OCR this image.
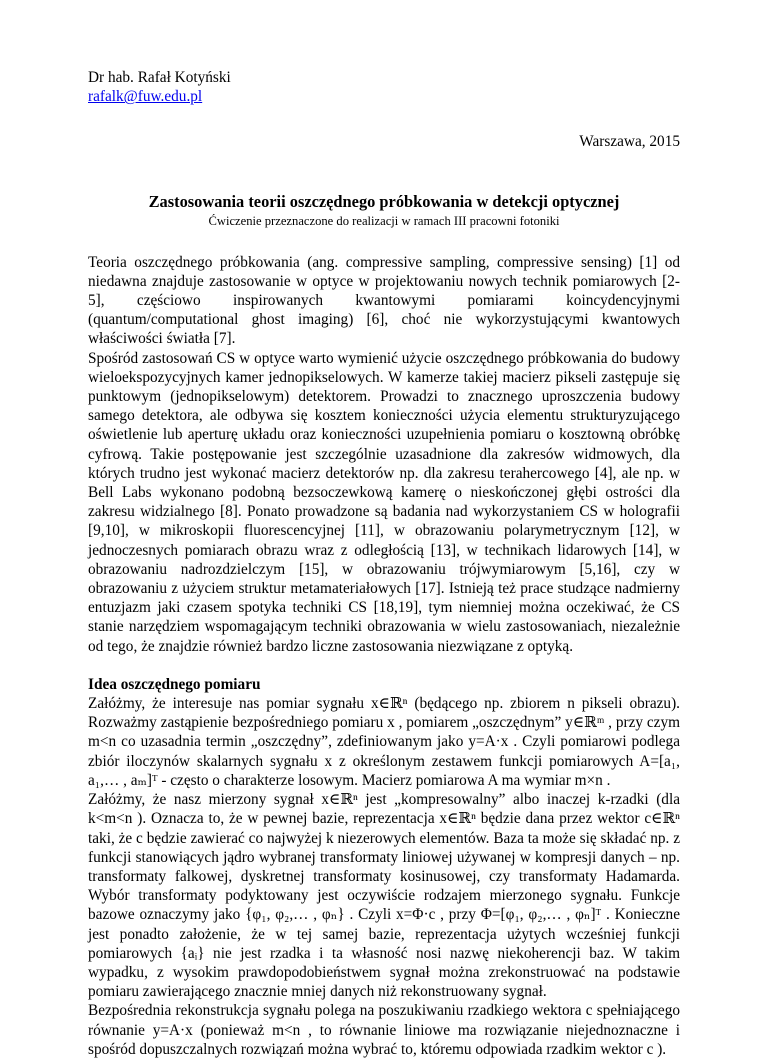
Dr hab. Rafał Kotyński
rafalk@fuw.edu.pl
Warszawa, 2015
Zastosowania teorii oszczędnego próbkowania w detekcji optycznej
Ćwiczenie przeznaczone do realizacji w ramach III pracowni fotoniki

Teoria oszczędnego próbkowania (ang. compressive sampling, compressive sensing) [1] od niedawna znajduje zastosowanie w optyce w projektowaniu nowych technik pomiarowych [2-5], częściowo inspirowanych kwantowymi pomiarami koincydencyjnymi (quantum/computational ghost imaging) [6], choć nie wykorzystującymi kwantowych właściwości światła [7].

Spośród zastosowań CS w optyce warto wymienić użycie oszczędnego próbkowania do budowy wieloekspozycyjnych kamer jednopikselowych. W kamerze takiej macierz pikseli zastępuje się punktowym (jednopikselowym) detektorem. Prowadzi to znacznego uproszczenia budowy samego detektora, ale odbywa się kosztem konieczności użycia elementu strukturyzującego oświetlenie lub aperturę układu oraz konieczności uzupełnienia pomiaru o kosztowną obróbkę cyfrową. Takie postępowanie jest szczególnie uzasadnione dla zakresów widmowych, dla których trudno jest wykonać macierz detektorów np. dla zakresu terahercowego [4], ale np. w Bell Labs wykonano podobną bezsoczewkową kamerę o nieskończonej głębi ostrości dla zakresu widzialnego [8]. Ponato prowadzone są badania nad wykorzystaniem CS w holografii [9,10], w mikroskopii fluorescencyjnej [11], w obrazowaniu polarymetrycznym [12], w jednoczesnych pomiarach obrazu wraz z odległością [13], w technikach lidarowych [14], w obrazowaniu nadrozdzielczym [15], w obrazowaniu trójwymiarowym [5,16], czy w obrazowaniu z użyciem struktur metamateriałowych [17]. Istnieją też prace studzące nadmierny entuzjazm jaki czasem spotyka techniki CS [18,19], tym niemniej można oczekiwać, że CS stanie narzędziem wspomagającym techniki obrazowania w wielu zastosowaniach, niezależnie od tego, że znajdzie również bardzo liczne zastosowania niezwiązane z optyką.

Idea oszczędnego pomiaru

Załóżmy, że interesuje nas pomiar sygnału x∈ℝⁿ (będącego np. zbiorem n pikseli obrazu). Rozważmy zastąpienie bezpośredniego pomiaru x , pomiarem „oszczędnym” y∈ℝᵐ , przy czym m<n co uzasadnia termin „oszczędny”, zdefiniowanym jako y=A·x . Czyli pomiarowi podlega zbiór iloczynów skalarnych sygnału x z określonym zestawem funkcji pomiarowych A=[a₁, a₁,… , aₘ]ᵀ - często o charakterze losowym. Macierz pomiarowa A ma wymiar m×n .

Załóżmy, że nasz mierzony sygnał x∈ℝⁿ jest „kompresowalny” albo inaczej k-rzadki (dla k<m<n ). Oznacza to, że w pewnej bazie, reprezentacja x∈ℝⁿ będzie dana przez wektor c∈ℝⁿ taki, że c będzie zawierać co najwyżej k niezerowych elementów. Baza ta może się składać np. z funkcji stanowiących jądro wybranej transformaty liniowej używanej w kompresji danych – np. transformaty falkowej, dyskretnej transformaty kosinusowej, czy transformaty Hadamarda. Wybór transformaty podyktowany jest oczywiście rodzajem mierzonego sygnału. Funkcje bazowe oznaczymy jako {φ₁, φ₂,… , φₙ} . Czyli x=Φ·c , przy Φ=[φ₁, φ₂,… , φₙ]ᵀ . Konieczne jest ponadto założenie, że w tej samej bazie, reprezentacja użytych wcześniej funkcji pomiarowych {aᵢ} nie jest rzadka i ta własność nosi nazwę niekoherencji baz. W takim wypadku, z wysokim prawdopodobieństwem sygnał można zrekonstruować na podstawie pomiaru zawierającego znacznie mniej danych niż rekonstruowany sygnał.

Bezpośrednia rekonstrukcja sygnału polega na poszukiwaniu rzadkiego wektora c spełniającego równanie y=A·x (ponieważ m<n , to równanie liniowe ma rozwiązanie niejednoznaczne i spośród dopuszczalnych rozwiązań można wybrać to, któremu odpowiada rzadkim wektor c ).
